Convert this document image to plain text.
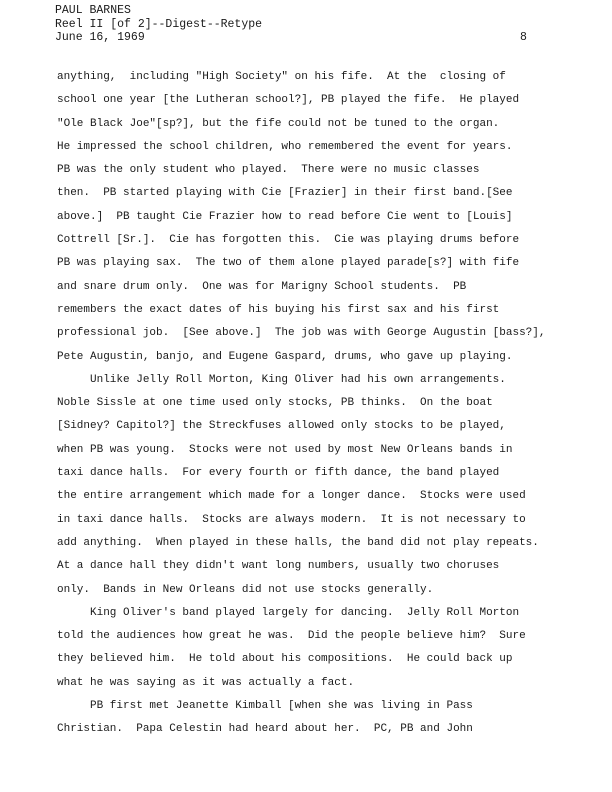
PAUL BARNES
Reel II [of 2]--Digest--Retype
June 16, 1969	8
anything,  including "High Society" on his fife.  At the  closing of
school one year [the Lutheran school?], PB played the fife.  He played
"Ole Black Joe"[sp?], but the fife could not be tuned to the organ.
He impressed the school children, who remembered the event for years.
PB was the only student who played.  There were no music classes
then.  PB started playing with Cie [Frazier] in their first band.[See
above.]  PB taught Cie Frazier how to read before Cie went to [Louis]
Cottrell [Sr.].  Cie has forgotten this.  Cie was playing drums before
PB was playing sax.  The two of them alone played parade[s?] with fife
and snare drum only.  One was for Marigny School students.  PB
remembers the exact dates of his buying his first sax and his first
professional job.  [See above.]  The job was with George Augustin [bass?],
Pete Augustin, banjo, and Eugene Gaspard, drums, who gave up playing.
Unlike Jelly Roll Morton, King Oliver had his own arrangements.
Noble Sissle at one time used only stocks, PB thinks.  On the boat
[Sidney? Capitol?] the Streckfuses allowed only stocks to be played,
when PB was young.  Stocks were not used by most New Orleans bands in
taxi dance halls.  For every fourth or fifth dance, the band played
the entire arrangement which made for a longer dance.  Stocks were used
in taxi dance halls.  Stocks are always modern.  It is not necessary to
add anything.  When played in these halls, the band did not play repeats.
At a dance hall they didn't want long numbers, usually two choruses
only.  Bands in New Orleans did not use stocks generally.
King Oliver's band played largely for dancing.  Jelly Roll Morton
told the audiences how great he was.  Did the people believe him?  Sure
they believed him.  He told about his compositions.  He could back up
what he was saying as it was actually a fact.
PB first met Jeanette Kimball [when she was living in Pass
Christian.  Papa Celestin had heard about her.  PC, PB and John
